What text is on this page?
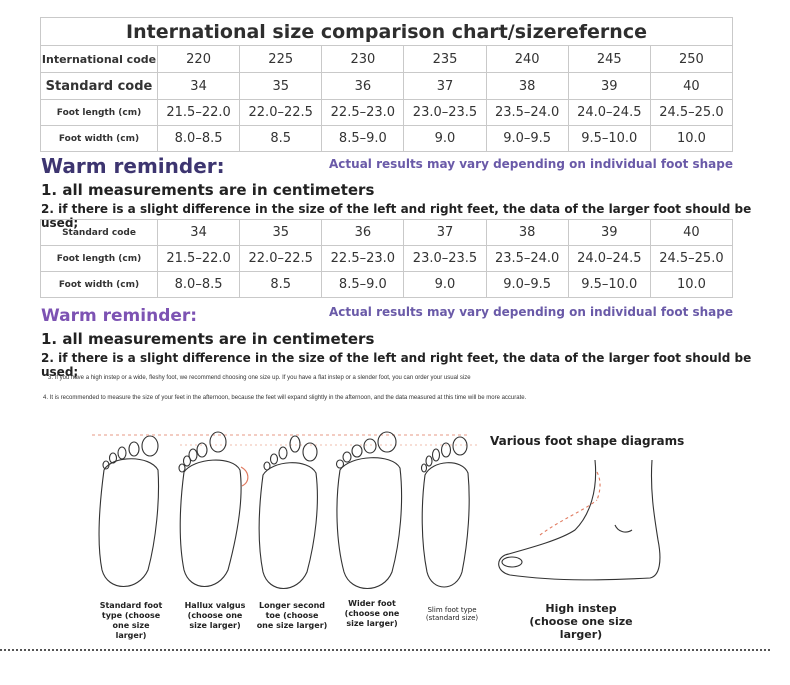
International size comparison chart/sizerefernce							
International code	220	225	230	235	240	245	250
Standard code	34	35	36	37	38	39	40
Foot length (cm)	21.5–22.0	22.0–22.5	22.5–23.0	23.0–23.5	23.5–24.0	24.0–24.5	24.5–25.0
Foot width (cm)	8.0–8.5	8.5	8.5–9.0	9.0	9.0–9.5	9.5–10.0	10.0
Warm reminder:	Actual results may vary depending on individual foot shape
1. all measurements are in centimeters
2. if there is a slight difference in the size of the left and right feet, the data of the larger foot should be used;
Standard code	34	35	36	37	38	39	40
Foot length (cm)	21.5–22.0	22.0–22.5	22.5–23.0	23.0–23.5	23.5–24.0	24.0–24.5	24.5–25.0
Foot width (cm)	8.0–8.5	8.5	8.5–9.0	9.0	9.0–9.5	9.5–10.0	10.0
Warm reminder:	Actual results may vary depending on individual foot shape
1. all measurements are in centimeters
2. if there is a slight difference in the size of the left and right feet, the data of the larger foot should be used;
3. If you have a high instep or a wide, fleshy foot, we recommend choosing one size up. If you have a flat instep or a slender foot, you can order your usual size
4. It is recommended to measure the size of your feet in the afternoon, because the feet will expand slightly in the afternoon, and the data measured at this time will be more accurate.
Various foot shape diagrams
Standard foot type (choose one size larger)
Hallux valgus (choose one size larger)
Longer second toe (choose one size larger)
Wider foot (choose one size larger)
Slim foot type (standard size)
High instep (choose one size larger)
